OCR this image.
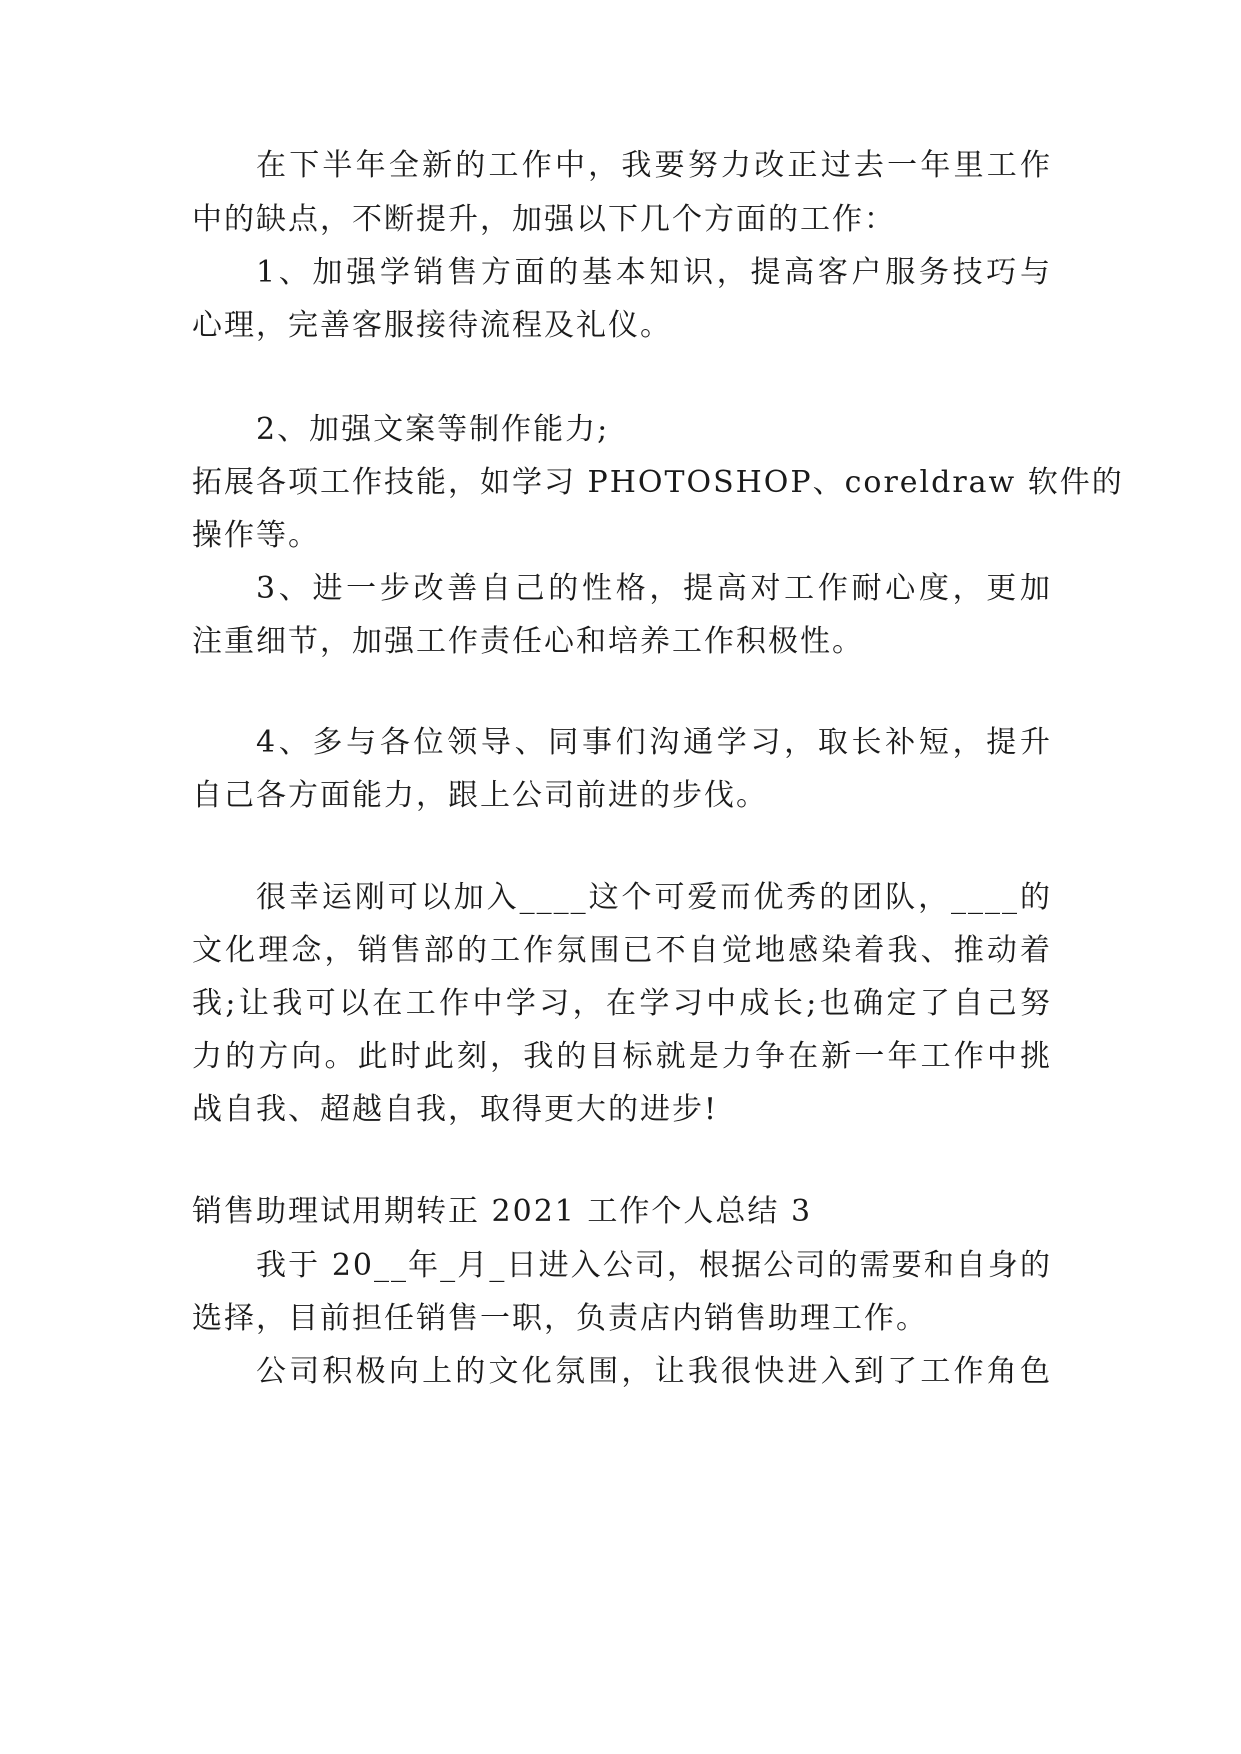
在下半年全新的工作中，我要努力改正过去一年里工作
中的缺点，不断提升，加强以下几个方面的工作：
1、加强学销售方面的基本知识，提高客户服务技巧与
心理，完善客服接待流程及礼仪。
2、加强文案等制作能力;
拓展各项工作技能，如学习 PHOTOSHOP、coreldraw 软件的
操作等。
3、进一步改善自己的性格，提高对工作耐心度，更加
注重细节，加强工作责任心和培养工作积极性。
4、多与各位领导、同事们沟通学习，取长补短，提升
自己各方面能力，跟上公司前进的步伐。
很幸运刚可以加入____这个可爱而优秀的团队，____的
文化理念，销售部的工作氛围已不自觉地感染着我、推动着
我;让我可以在工作中学习，在学习中成长;也确定了自己努
力的方向。此时此刻，我的目标就是力争在新一年工作中挑
战自我、超越自我，取得更大的进步!
销售助理试用期转正 2021 工作个人总结 3
我于 20__年_月_日进入公司，根据公司的需要和自身的
选择，目前担任销售一职，负责店内销售助理工作。
公司积极向上的文化氛围，让我很快进入到了工作角色
